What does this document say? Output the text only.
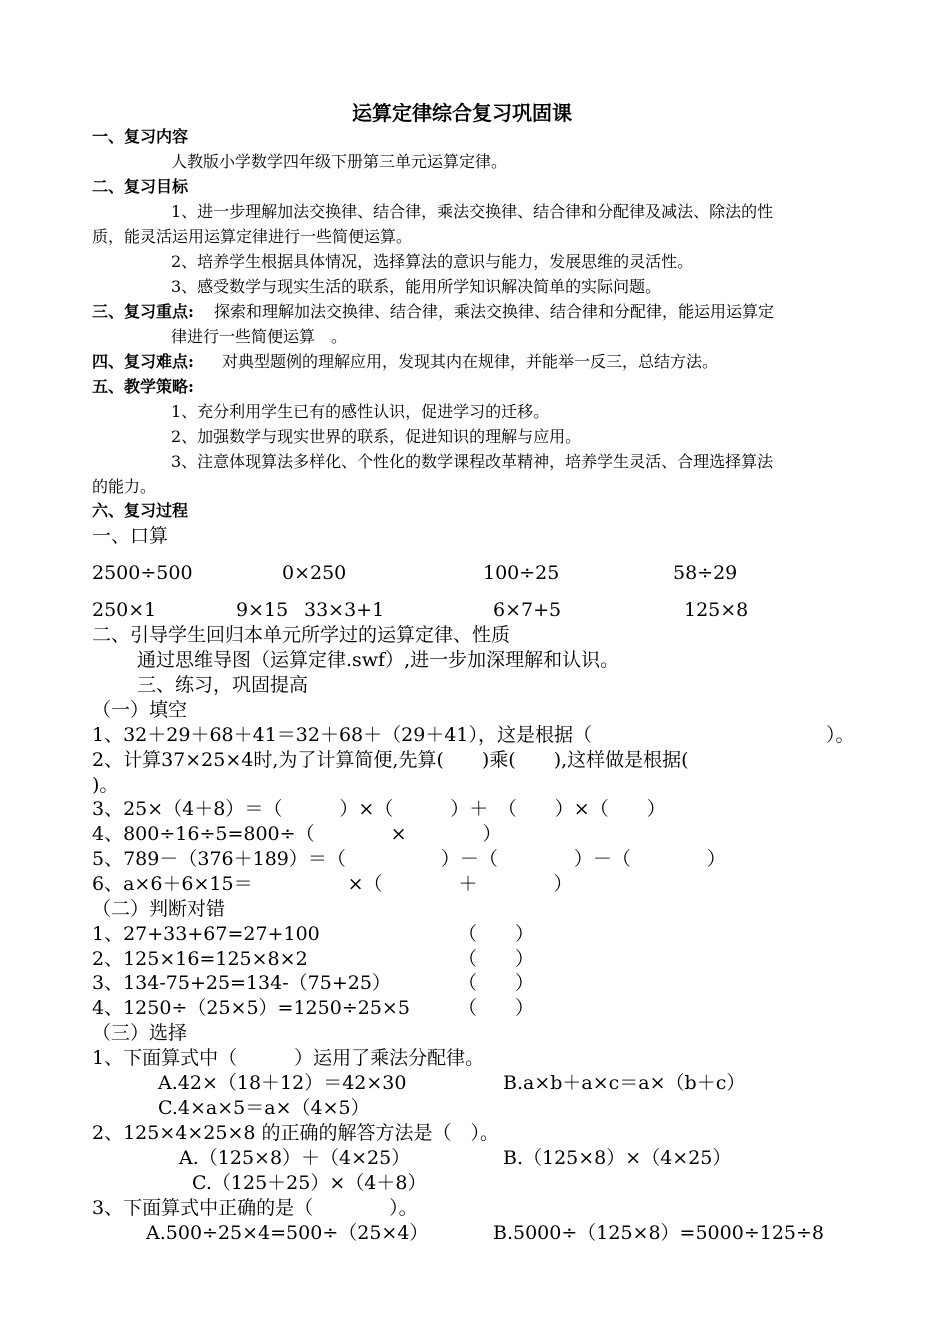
运算定律综合复习巩固课
一、复习内容
人教版小学数学四年级下册第三单元运算定律。
二、复习目标
1、进一步理解加法交换律、结合律，乘法交换律、结合律和分配律及减法、除法的性
质，能灵活运用运算定律进行一些简便运算。
2、培养学生根据具体情况，选择算法的意识与能力，发展思维的灵活性。
3、感受数学与现实生活的联系，能用所学知识解决简单的实际问题。
三、复习重点: 探索和理解加法交换律、结合律，乘法交换律、结合律和分配律，能运用运算定
律进行一些简便运算　。
四、复习难点: 对典型题例的理解应用，发现其内在规律，并能举一反三，总结方法。
五、教学策略:
1、充分利用学生已有的感性认识，促进学习的迁移。
2、加强数学与现实世界的联系，促进知识的理解与应用。
3、注意体现算法多样化、个性化的数学课程改革精神，培养学生灵活、合理选择算法
的能力。
六、复习过程
一、口算
2500÷500	0×250	100÷25	58÷29
250×1	9×15 33×3+1	6×7+5	125×8
二、引导学生回归本单元所学过的运算定律、性质
通过思维导图（运算定律.swf）,进一步加深理解和认识。
三、练习，巩固提高
（一）填空
1、32＋29＋68＋41＝32＋68＋（29＋41），这是根据（	）。
2、计算37×25×4时,为了计算简便,先算(　　)乘(　　),这样做是根据(
)。
3、25×（4＋8）＝（　　　）×（　　　）＋　（　　）×（　　）
4、800÷16÷5=800÷（　　　　×　　　　）
5、789－（376＋189）＝（　　　　　）－（　　　　）－（　　　　）
6、a×6＋6×15＝　　　　　×（　　　　＋　　　　）
（二）判断对错
1、27+33+67=27+100	（　　）
2、125×16=125×8×2	（　　）
3、134-75+25=134-（75+25）	（　　）
4、1250÷（25×5）=1250÷25×5	（　　）
（三）选择
1、下面算式中（　　　）运用了乘法分配律。
A.42×（18＋12）＝42×30	B.a×b＋a×c＝a×（b＋c）
C.4×a×5＝a×（4×5）
2、125×4×25×8 的正确的解答方法是（　）。
A.（125×8）＋（4×25）	B.（125×8）×（4×25）
C.（125＋25）×（4＋8）
3、下面算式中正确的是（　　　　）。
A.500÷25×4=500÷（25×4）	B.5000÷（125×8）=5000÷125÷8
